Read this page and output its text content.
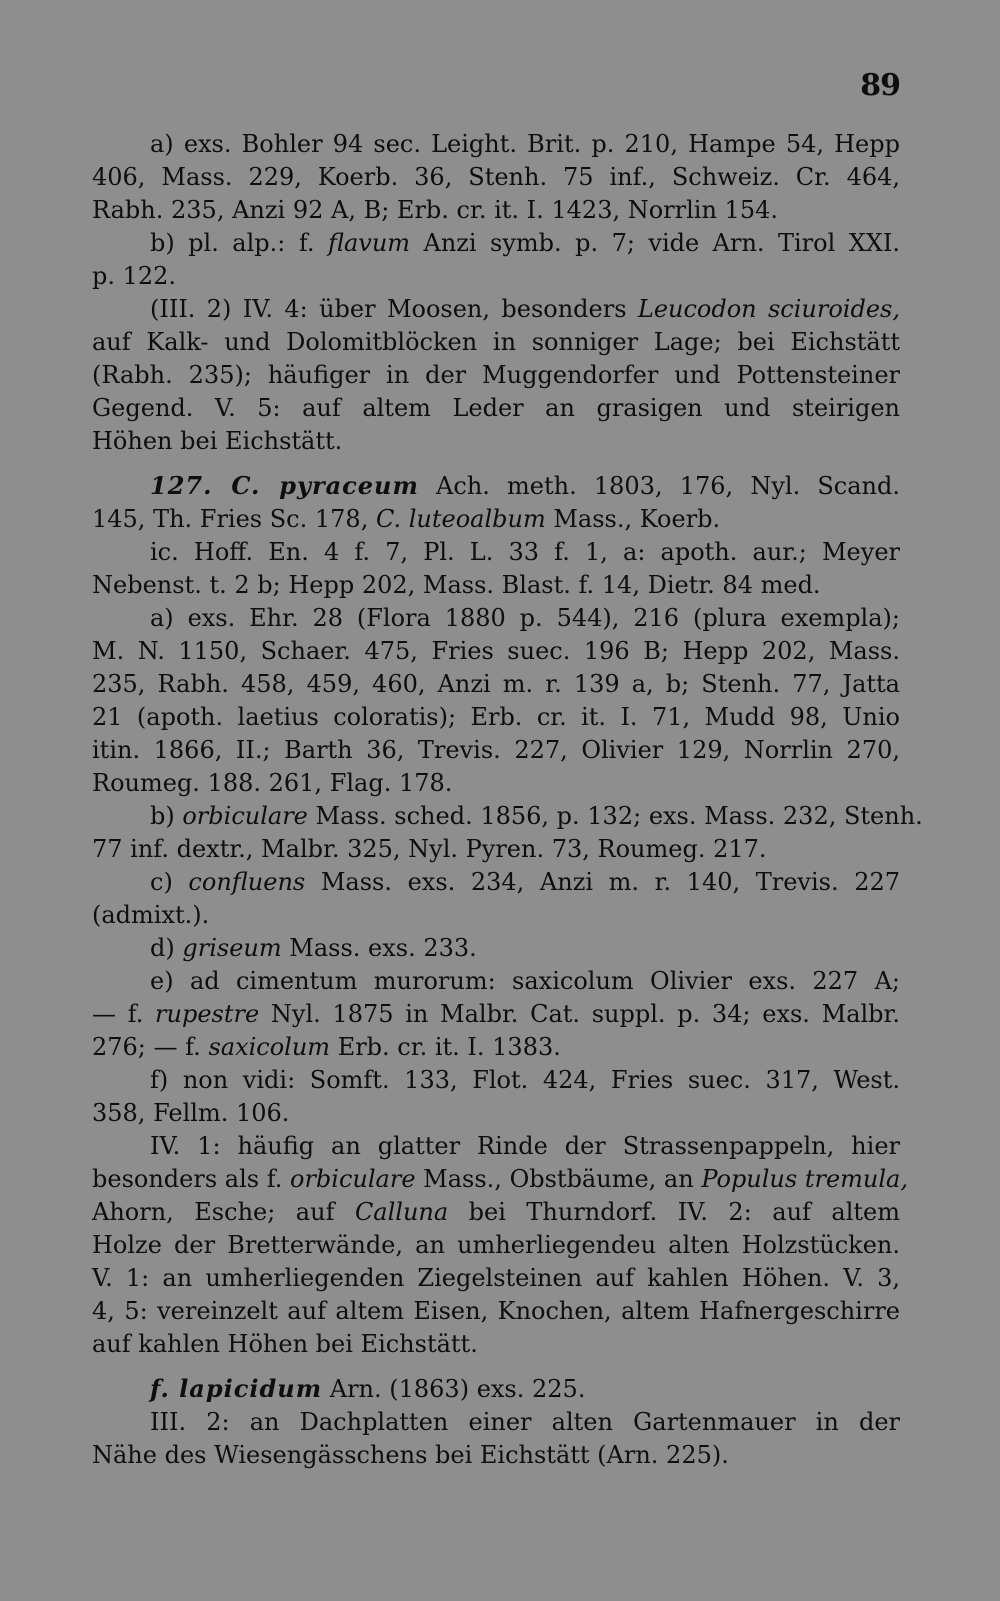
89
a) exs. Bohler 94 sec. Leight. Brit. p. 210, Hampe 54, Hepp
406, Mass. 229, Koerb. 36, Stenh. 75 inf., Schweiz. Cr. 464,
Rabh. 235, Anzi 92 A, B; Erb. cr. it. I. 1423, Norrlin 154.
b) pl. alp.: f. flavum Anzi symb. p. 7; vide Arn. Tirol XXI.
p. 122.
(III. 2) IV. 4: über Moosen, besonders Leucodon sciuroides,
auf Kalk- und Dolomitblöcken in sonniger Lage; bei Eichstätt
(Rabh. 235); häufiger in der Muggendorfer und Pottensteiner
Gegend. V. 5: auf altem Leder an grasigen und steirigen
Höhen bei Eichstätt.
127. C. pyraceum Ach. meth. 1803, 176, Nyl. Scand.
145, Th. Fries Sc. 178, C. luteoalbum Mass., Koerb.
ic. Hoff. En. 4 f. 7, Pl. L. 33 f. 1, a: apoth. aur.; Meyer
Nebenst. t. 2 b; Hepp 202, Mass. Blast. f. 14, Dietr. 84 med.
a) exs. Ehr. 28 (Flora 1880 p. 544), 216 (plura exempla);
M. N. 1150, Schaer. 475, Fries suec. 196 B; Hepp 202, Mass.
235, Rabh. 458, 459, 460, Anzi m. r. 139 a, b; Stenh. 77, Jatta
21 (apoth. laetius coloratis); Erb. cr. it. I. 71, Mudd 98, Unio
itin. 1866, II.; Barth 36, Trevis. 227, Olivier 129, Norrlin 270,
Roumeg. 188. 261, Flag. 178.
b) orbiculare Mass. sched. 1856, p. 132; exs. Mass. 232, Stenh.
77 inf. dextr., Malbr. 325, Nyl. Pyren. 73, Roumeg. 217.
c) confluens Mass. exs. 234, Anzi m. r. 140, Trevis. 227
(admixt.).
d) griseum Mass. exs. 233.
e) ad cimentum murorum: saxicolum Olivier exs. 227 A;
— f. rupestre Nyl. 1875 in Malbr. Cat. suppl. p. 34; exs. Malbr.
276; — f. saxicolum Erb. cr. it. I. 1383.
f) non vidi: Somft. 133, Flot. 424, Fries suec. 317, West.
358, Fellm. 106.
IV. 1: häufig an glatter Rinde der Strassenpappeln, hier
besonders als f. orbiculare Mass., Obstbäume, an Populus tremula,
Ahorn, Esche; auf Calluna bei Thurndorf. IV. 2: auf altem
Holze der Bretterwände, an umherliegendeu alten Holzstücken.
V. 1: an umherliegenden Ziegelsteinen auf kahlen Höhen. V. 3,
4, 5: vereinzelt auf altem Eisen, Knochen, altem Hafnergeschirre
auf kahlen Höhen bei Eichstätt.
f. lapicidum Arn. (1863) exs. 225.
III. 2: an Dachplatten einer alten Gartenmauer in der
Nähe des Wiesengässchens bei Eichstätt (Arn. 225).
